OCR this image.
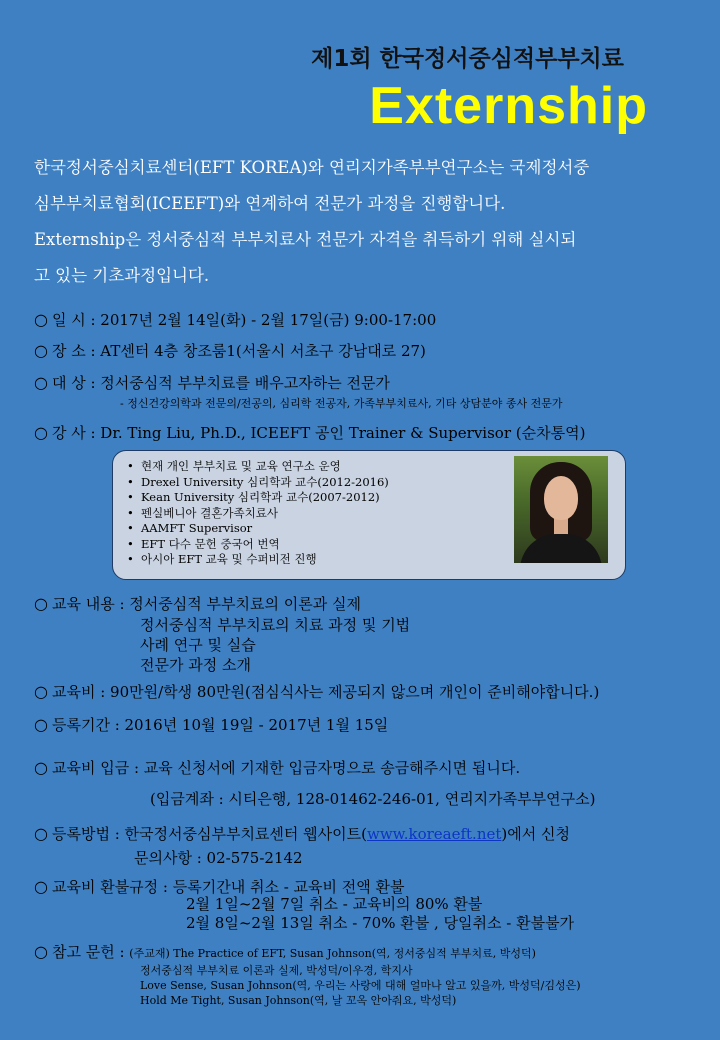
제1회 한국정서중심적부부치료
Externship
한국정서중심치료센터(EFT KOREA)와 연리지가족부부연구소는 국제정서중
심부부치료협회(ICEEFT)와 연계하여 전문가 과정을 진행합니다.
Externship은 정서중심적 부부치료사 전문가 자격을 취득하기 위해 실시되
고 있는 기초과정입니다.
○ 일 시 : 2017년 2월 14일(화) - 2월 17일(금) 9:00-17:00
○ 장 소 : AT센터 4층 창조룸1(서울시 서초구 강남대로 27)
○ 대 상 : 정서중심적 부부치료를 배우고자하는 전문가
- 정신건강의학과 전문의/전공의, 심리학 전공자, 가족부부치료사, 기타 상담분야 종사 전문가
○ 강 사 : Dr. Ting Liu, Ph.D., ICEEFT 공인 Trainer & Supervisor (순차통역)
• 현재 개인 부부치료 및 교육 연구소 운영
• Drexel University 심리학과 교수(2012-2016)
• Kean University 심리학과 교수(2007-2012)
• 펜실베니아 결혼가족치료사
• AAMFT Supervisor
• EFT 다수 문헌 중국어 번역
• 아시아 EFT 교육 및 수퍼비전 진행
○ 교육 내용 : 정서중심적 부부치료의 이론과 실제
정서중심적 부부치료의 치료 과정 및 기법
사례 연구 및 실습
전문가 과정 소개
○ 교육비 : 90만원/학생 80만원(점심식사는 제공되지 않으며 개인이 준비해야합니다.)
○ 등록기간 : 2016년 10월 19일 - 2017년 1월 15일
○ 교육비 입금 : 교육 신청서에 기재한 입금자명으로 송금해주시면 됩니다.
(입금계좌 : 시티은행, 128-01462-246-01, 연리지가족부부연구소)
○ 등록방법 : 한국정서중심부부치료센터 웹사이트(www.koreaeft.net)에서 신청
문의사항 : 02-575-2142
○ 교육비 환불규정 : 등록기간내 취소 - 교육비 전액 환불
2월 1일~2월 7일 취소 - 교육비의 80% 환불
2월 8일~2월 13일 취소 - 70% 환불 , 당일취소 - 환불불가
○ 참고 문헌 : (주교재) The Practice of EFT, Susan Johnson(역, 정서중심적 부부치료, 박성덕)
정서중심적 부부치료 이론과 실제, 박성덕/이우경, 학지사
Love Sense, Susan Johnson(역, 우리는 사랑에 대해 얼마나 알고 있을까, 박성덕/김성은)
Hold Me Tight, Susan Johnson(역, 날 꼬옥 안아줘요, 박성덕)
